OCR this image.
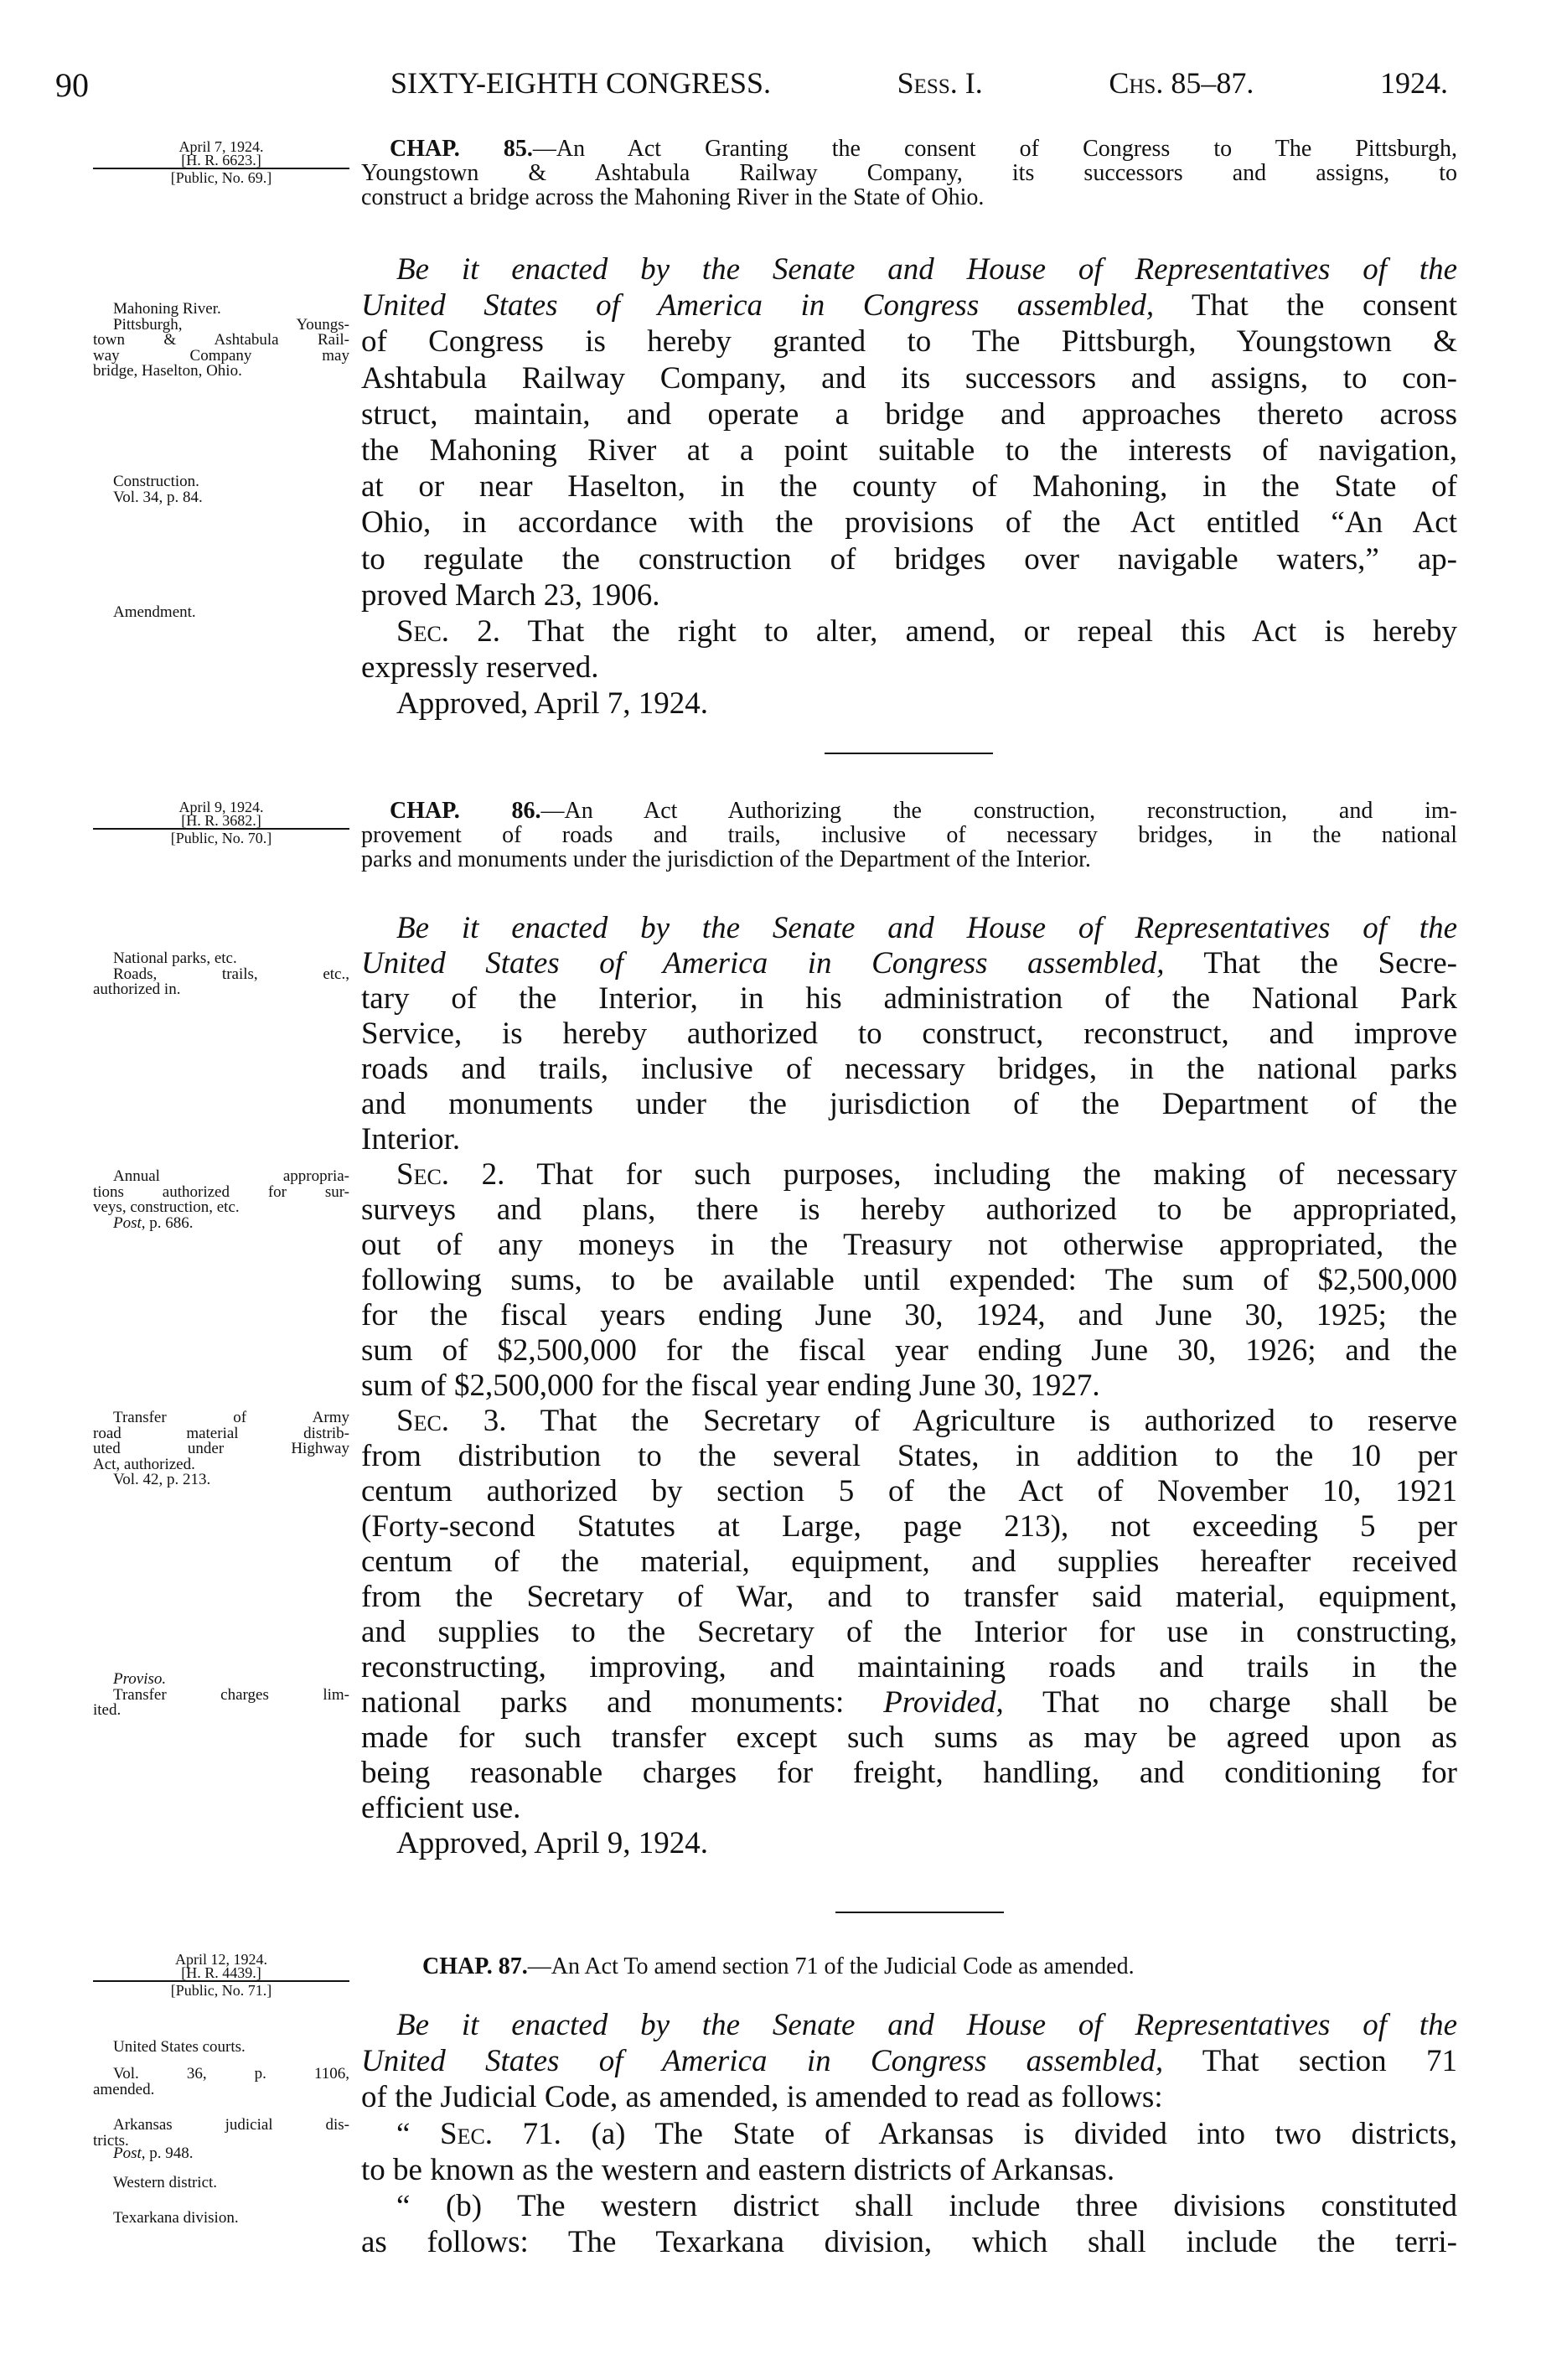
90	SIXTY-EIGHTH CONGRESS.	Sess. I.	Chs. 85–87.	1924.
April 7, 1924.
[H. R. 6623.]
[Public, No. 69.]
CHAP. 85.—An Act Granting the consent of Congress to The Pittsburgh,
Youngstown & Ashtabula Railway Company, its successors and assigns, to
construct a bridge across the Mahoning River in the State of Ohio.
Be it enacted by the Senate and House of Representatives of the
United States of America in Congress assembled, That the consent
of Congress is hereby granted to The Pittsburgh, Youngstown &
Ashtabula Railway Company, and its successors and assigns, to con-
struct, maintain, and operate a bridge and approaches thereto across
the Mahoning River at a point suitable to the interests of navigation,
at or near Haselton, in the county of Mahoning, in the State of
Ohio, in accordance with the provisions of the Act entitled “An Act
to regulate the construction of bridges over navigable waters,” ap-
proved March 23, 1906.
Sec. 2. That the right to alter, amend, or repeal this Act is hereby
expressly reserved.
Approved, April 7, 1924.
Mahoning River.
Pittsburgh, Youngs-
town & Ashtabula Rail-
way Company may
bridge, Haselton, Ohio.
Construction.
Vol. 34, p. 84.
Amendment.
April 9, 1924.
[H. R. 3682.]
[Public, No. 70.]
CHAP. 86.—An Act Authorizing the construction, reconstruction, and im-
provement of roads and trails, inclusive of necessary bridges, in the national
parks and monuments under the jurisdiction of the Department of the Interior.
Be it enacted by the Senate and House of Representatives of the
United States of America in Congress assembled, That the Secre-
tary of the Interior, in his administration of the National Park
Service, is hereby authorized to construct, reconstruct, and improve
roads and trails, inclusive of necessary bridges, in the national parks
and monuments under the jurisdiction of the Department of the
Interior.
Sec. 2. That for such purposes, including the making of necessary
surveys and plans, there is hereby authorized to be appropriated,
out of any moneys in the Treasury not otherwise appropriated, the
following sums, to be available until expended: The sum of $2,500,000
for the fiscal years ending June 30, 1924, and June 30, 1925; the
sum of $2,500,000 for the fiscal year ending June 30, 1926; and the
sum of $2,500,000 for the fiscal year ending June 30, 1927.
Sec. 3. That the Secretary of Agriculture is authorized to reserve
from distribution to the several States, in addition to the 10 per
centum authorized by section 5 of the Act of November 10, 1921
(Forty-second Statutes at Large, page 213), not exceeding 5 per
centum of the material, equipment, and supplies hereafter received
from the Secretary of War, and to transfer said material, equipment,
and supplies to the Secretary of the Interior for use in constructing,
reconstructing, improving, and maintaining roads and trails in the
national parks and monuments: Provided, That no charge shall be
made for such transfer except such sums as may be agreed upon as
being reasonable charges for freight, handling, and conditioning for
efficient use.
Approved, April 9, 1924.
National parks, etc.
Roads, trails, etc.,
authorized in.
Annual appropria-
tions authorized for sur-
veys, construction, etc.
Post, p. 686.
Transfer of Army
road material distrib-
uted under Highway
Act, authorized.
Vol. 42, p. 213.
Proviso.
Transfer charges lim-
ited.
April 12, 1924.
[H. R. 4439.]
[Public, No. 71.]
CHAP. 87.—An Act To amend section 71 of the Judicial Code as amended.
Be it enacted by the Senate and House of Representatives of the
United States of America in Congress assembled, That section 71
of the Judicial Code, as amended, is amended to read as follows:
“ Sec. 71. (a) The State of Arkansas is divided into two districts,
to be known as the western and eastern districts of Arkansas.
“ (b) The western district shall include three divisions constituted
as follows: The Texarkana division, which shall include the terri-
United States courts.
Vol. 36, p. 1106,
amended.
Arkansas judicial dis-
tricts.
Post, p. 948.
Western district.
Texarkana division.
